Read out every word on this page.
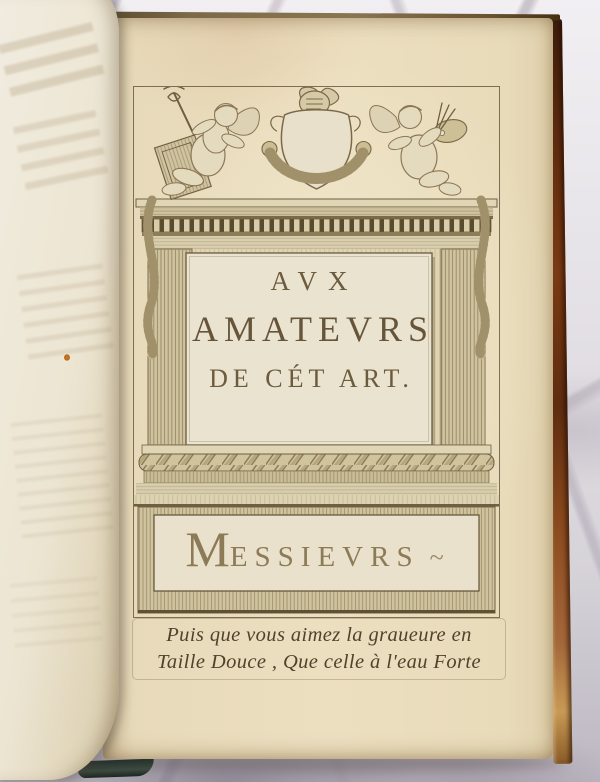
AVX
AMATEVRS
DE CÉT ART.
M ESSIEVRS ~
Puis que vous aimez la graueure en
Taille Douce , Que celle à l'eau Forte
